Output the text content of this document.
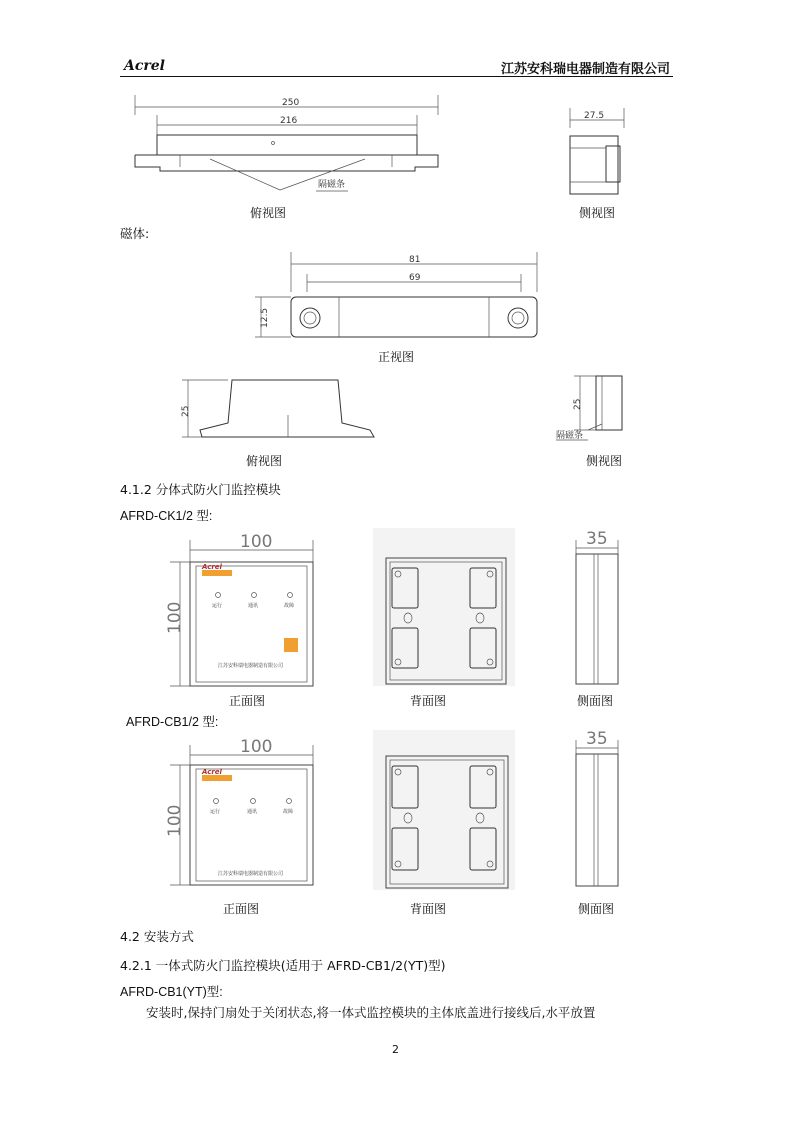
Acrel	江苏安科瑞电器制造有限公司
250
216
隔磁条
俯视图
27.5
侧视图
磁体:
81
69
12.5
正视图
25
俯视图
25
隔磁条
侧视图
4.1.2 分体式防火门监控模块
AFRD-CK1/2 型:
100
100
Acrel
运行	通讯	故障
江苏安科瑞电器制造有限公司
正面图	背面图
35
侧面图
AFRD-CB1/2 型:
100
100
Acrel
运行	通讯	故障
江苏安科瑞电器制造有限公司
正面图	背面图
35
侧面图
4.2 安装方式
4.2.1 一体式防火门监控模块(适用于 AFRD-CB1/2(YT)型)
AFRD-CB1(YT)型:
安装时,保持门扇处于关闭状态,将一体式监控模块的主体底盖进行接线后,水平放置
2
